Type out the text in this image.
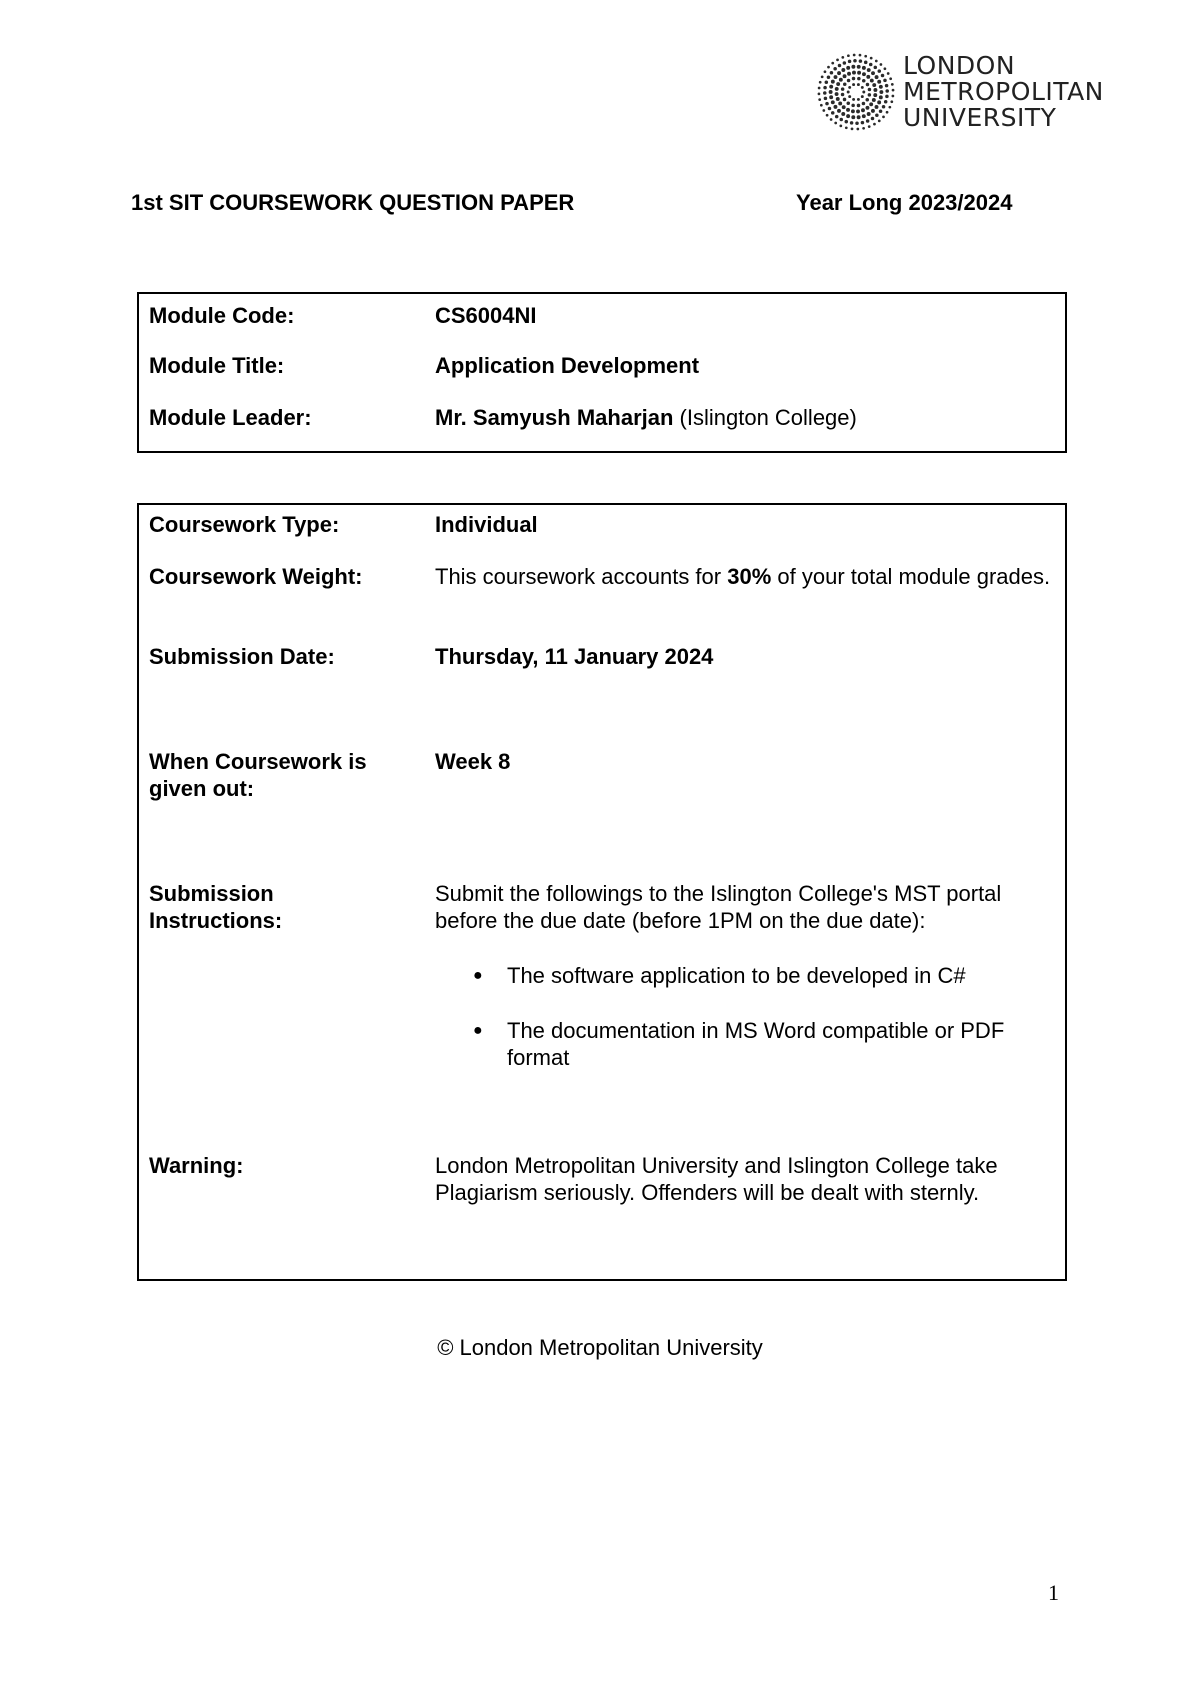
LONDON
METROPOLITAN
UNIVERSITY
1st SIT COURSEWORK QUESTION PAPER	Year Long 2023/2024
Module Code:	CS6004NI
Module Title:	Application Development
Module Leader:	Mr. Samyush Maharjan (Islington College)
Coursework Type:	Individual
Coursework Weight:	This coursework accounts for 30% of your total module grades.
Submission Date:	Thursday, 11 January 2024
When Coursework is given out:
Week 8
Submission Instructions:
Submit the followings to the Islington College's MST portal before the due date (before 1PM on the due date):
● The software application to be developed in C#
● The documentation in MS Word compatible or PDF format
Warning:	London Metropolitan University and Islington College take Plagiarism seriously. Offenders will be dealt with sternly.
© London Metropolitan University
1
